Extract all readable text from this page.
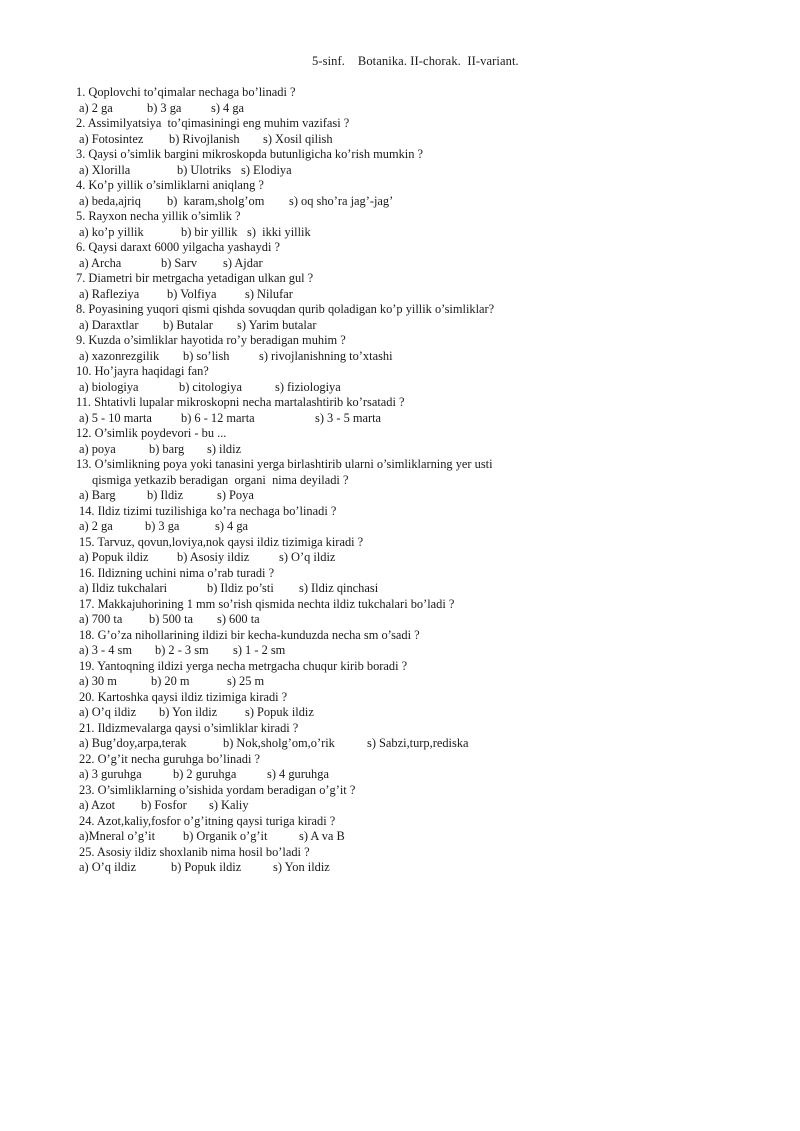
5-sinf.    Botanika. II-chorak.  II-variant.
1. Qoplovchi to’qimalar nechaga bo’linadi ?
a) 2 ga	b) 3 ga s) 4 ga
2. Assimilyatsiya  to’qimasiningi eng muhim vazifasi ?
a) Fotosintez b) Rivojlanish s) Xosil qilish
3. Qaysi o’simlik bargini mikroskopda butunligicha ko’rish mumkin ?
a) Xlorilla	b) Ulotriks s) Elodiya
4. Ko’p yillik o’simliklarni aniqlang ?
a) beda,ajriq b)  karam,sholg’om s) oq sho’ra jag’-jag’
5. Rayxon necha yillik o’simlik ?
a) ko’p yillik	b) bir yillik s)  ikki yillik
6. Qaysi daraxt 6000 yilgacha yashaydi ?
a) Archa	b) Sarv s) Ajdar
7. Diametri bir metrgacha yetadigan ulkan gul ?
a) Rafleziya b) Volfiya s) Nilufar
8. Poyasining yuqori qismi qishda sovuqdan qurib qoladigan ko’p yillik o’simliklar?
a) Daraxtlar b) Butalar s) Yarim butalar
9. Kuzda o’simliklar hayotida ro’y beradigan muhim ?
a) xazonrezgilik b) so’lish s) rivojlanishning to’xtashi
10. Ho’jayra haqidagi fan?
a) biologiya	b) citologiya	s) fiziologiya
11. Shtativli lupalar mikroskopni necha martalashtirib ko’rsatadi ?
a) 5 - 10 marta b) 6 - 12 marta	s) 3 - 5 marta
12. O’simlik poydevori - bu ...
a) poya	b) barg s) ildiz
13. O’simlikning poya yoki tanasini yerga birlashtirib ularni o’simliklarning yer usti
qismiga yetkazib beradigan  organi  nima deyiladi ?
a) Barg	b) Ildiz	s) Poya
14. Ildiz tizimi tuzilishiga ko’ra nechaga bo’linadi ?
a) 2 ga	b) 3 ga	s) 4 ga
15. Tarvuz, qovun,loviya,nok qaysi ildiz tizimiga kiradi ?
a) Popuk ildiz b) Asosiy ildiz s) O’q ildiz
16. Ildizning uchini nima o’rab turadi ?
a) Ildiz tukchalari	b) Ildiz po’sti s) Ildiz qinchasi
17. Makkajuhorining 1 mm so’rish qismida nechta ildiz tukchalari bo’ladi ?
a) 700 ta b) 500 ta s) 600 ta
18. G’o’za nihollarining ildizi bir kecha-kunduzda necha sm o’sadi ?
a) 3 - 4 sm b) 2 - 3 sm s) 1 - 2 sm
19. Yantoqning ildizi yerga necha metrgacha chuqur kirib boradi ?
a) 30 m	b) 20 m	s) 25 m
20. Kartoshka qaysi ildiz tizimiga kiradi ?
a) O’q ildiz b) Yon ildiz s) Popuk ildiz
21. Ildizmevalarga qaysi o’simliklar kiradi ?
a) Bug’doy,arpa,terak	b) Nok,sholg’om,o’rik	s) Sabzi,turp,rediska
22. O’g’it necha guruhga bo’linadi ?
a) 3 guruhga	b) 2 guruhga s) 4 guruhga
23. O’simliklarning o’sishida yordam beradigan o’g’it ?
a) Azot b) Fosfor s) Kaliy
24. Azot,kaliy,fosfor o’g’itning qaysi turiga kiradi ?
a)Mneral o’g’it b) Organik o’g’it	s) A va B
25. Asosiy ildiz shoxlanib nima hosil bo’ladi ?
a) O’q ildiz	b) Popuk ildiz	s) Yon ildiz
